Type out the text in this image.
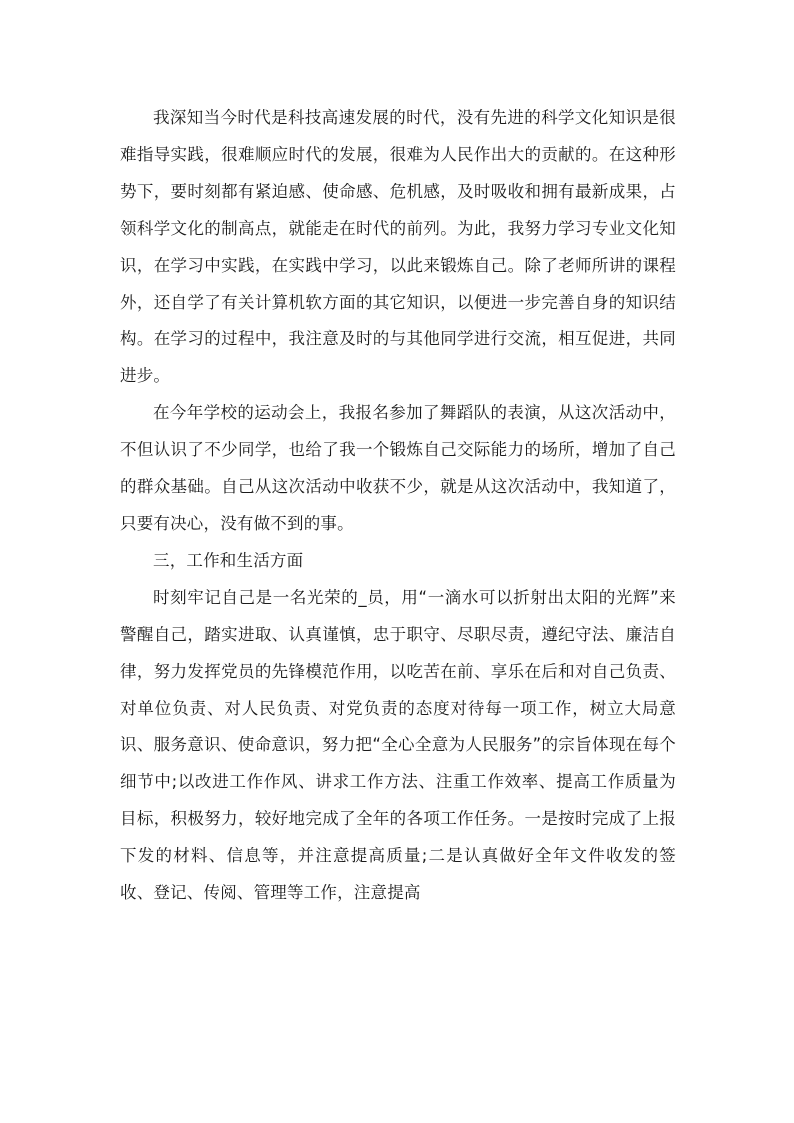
我深知当今时代是科技高速发展的时代，没有先进的科学文化知识是很难指导实践，很难顺应时代的发展，很难为人民作出大的贡献的。在这种形势下，要时刻都有紧迫感、使命感、危机感，及时吸收和拥有最新成果，占领科学文化的制高点，就能走在时代的前列。为此，我努力学习专业文化知识，在学习中实践，在实践中学习，以此来锻炼自己。除了老师所讲的课程外，还自学了有关计算机软方面的其它知识，以便进一步完善自身的知识结构。在学习的过程中，我注意及时的与其他同学进行交流，相互促进，共同进步。

在今年学校的运动会上，我报名参加了舞蹈队的表演，从这次活动中，不但认识了不少同学，也给了我一个锻炼自己交际能力的场所，增加了自己的群众基础。自己从这次活动中收获不少，就是从这次活动中，我知道了，只要有决心，没有做不到的事。

三，工作和生活方面

时刻牢记自己是一名光荣的_员，用“一滴水可以折射出太阳的光辉”来警醒自己，踏实进取、认真谨慎，忠于职守、尽职尽责，遵纪守法、廉洁自律，努力发挥党员的先锋模范作用，以吃苦在前、享乐在后和对自己负责、对单位负责、对人民负责、对党负责的态度对待每一项工作，树立大局意识、服务意识、使命意识，努力把“全心全意为人民服务”的宗旨体现在每个细节中;以改进工作作风、讲求工作方法、注重工作效率、提高工作质量为目标，积极努力，较好地完成了全年的各项工作任务。一是按时完成了上报下发的材料、信息等，并注意提高质量;二是认真做好全年文件收发的签收、登记、传阅、管理等工作，注意提高
